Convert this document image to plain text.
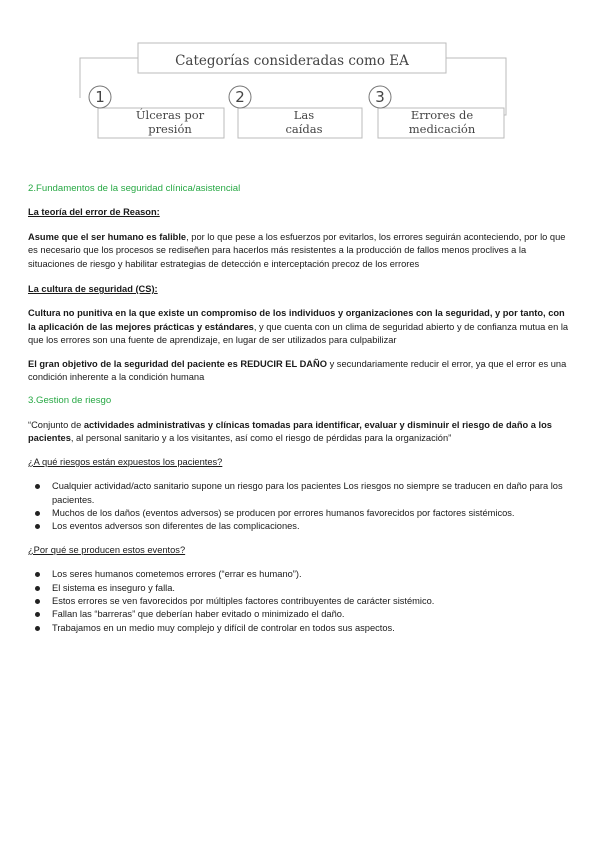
Categorías consideradas como EA
1	2	3
Úlceras por
presión
Las
caídas
Errores de
medicación
2.Fundamentos de la seguridad clínica/asistencial
La teoría del error de Reason:

Asume que el ser humano es falible, por lo que pese a los esfuerzos por evitarlos, los errores seguirán aconteciendo, por lo que es necesario que los procesos se rediseñen para hacerlos más resistentes a la producción de fallos menos proclives a la situaciones de riesgo y habilitar estrategias de detección e interceptación precoz de los errores

La cultura de seguridad (CS):

Cultura no punitiva en la que existe un compromiso de los individuos y organizaciones con la seguridad, y por tanto, con la aplicación de las mejores prácticas y estándares, y que cuenta con un clima de seguridad abierto y de confianza mutua en la que los errores son una fuente de aprendizaje, en lugar de ser utilizados para culpabilizar

El gran objetivo de la seguridad del paciente es REDUCIR EL DAÑO y secundariamente reducir el error, ya que el error es una condición inherente a la condición humana

3.Gestion de riesgo

“Conjunto de actividades administrativas y clínicas tomadas para identificar, evaluar y disminuir el riesgo de daño a los pacientes, al personal sanitario y a los visitantes, así como el riesgo de pérdidas para la organización”

¿A qué riesgos están expuestos los pacientes?
Cualquier actividad/acto sanitario supone un riesgo para los pacientes Los riesgos no siempre se traducen en daño para los pacientes.
Muchos de los daños (eventos adversos) se producen por errores humanos favorecidos por factores sistémicos.
Los eventos adversos son diferentes de las complicaciones.
¿Por qué se producen estos eventos?
Los seres humanos cometemos errores (“errar es humano”).
El sistema es inseguro y falla.
Estos errores se ven favorecidos por múltiples factores contribuyentes de carácter sistémico.
Fallan las “barreras” que deberían haber evitado o minimizado el daño.
Trabajamos en un medio muy complejo y difícil de controlar en todos sus aspectos.
